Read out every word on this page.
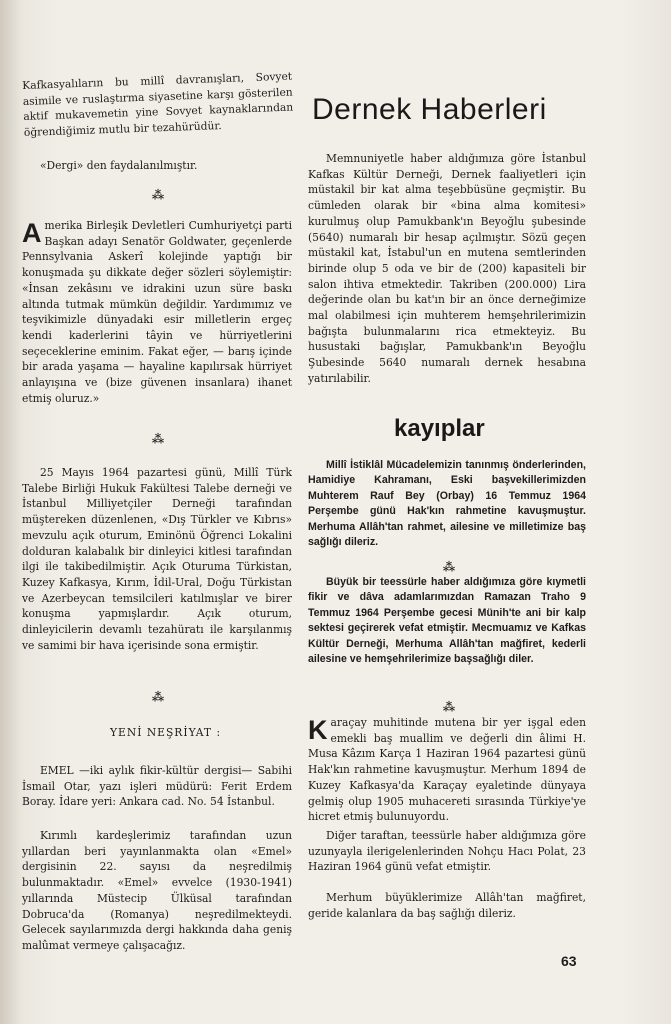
Kafkasyalıların bu millî davranışları, Sovyet asimile ve ruslaştırma siyasetine karşı gösterilen aktif mukavemetin yine Sovyet kaynaklarından öğrendiğimiz mutlu bir tezahürüdür.
«Dergi» den faydalanılmıştır.
⁂
Amerika Birleşik Devletleri Cumhuriyetçi parti Başkan adayı Senatör Goldwater, geçenlerde Pennsylvania Askerî kolejinde yaptığı bir konuşmada şu dikkate değer sözleri söylemiştir: «İnsan zekâsını ve idrakini uzun süre baskı altında tutmak mümkün değildir. Yardımımız ve teşvikimizle dünyadaki esir milletlerin ergeç kendi kaderlerini tâyin ve hürriyetlerini seçeceklerine eminim. Fakat eğer, — barış içinde bir arada yaşama — hayaline kapılırsak hürriyet anlayışına ve (bize güvenen insanlara) ihanet etmiş oluruz.»
⁂
25 Mayıs 1964 pazartesi günü, Millî Türk Talebe Birliği Hukuk Fakültesi Talebe derneği ve İstanbul Milliyetçiler Derneği tarafından müştereken düzenlenen, «Dış Türkler ve Kıbrıs» mevzulu açık oturum, Eminönü Öğrenci Lokalini dolduran kalabalık bir dinleyici kitlesi tarafından ilgi ile takibedilmiştir. Açık Oturuma Türkistan, Kuzey Kafkasya, Kırım, İdil-Ural, Doğu Türkistan ve Azerbeycan temsilcileri katılmışlar ve birer konuşma yapmışlardır. Açık oturum, dinleyicilerin devamlı tezahüratı ile karşılanmış ve samimi bir hava içerisinde sona ermiştir.
⁂
YENİ NEŞRİYAT :
EMEL —iki aylık fikir-kültür dergisi— Sabihi İsmail Otar, yazı işleri müdürü: Ferit Erdem Boray. İdare yeri: Ankara cad. No. 54 İstanbul.
Kırımlı kardeşlerimiz tarafından uzun yıllardan beri yayınlanmakta olan «Emel» dergisinin 22. sayısı da neşredilmiş bulunmaktadır. «Emel» evvelce (1930-1941) yıllarında Müstecip Ülküsal tarafından Dobruca'da (Romanya) neşredilmekteydi. Gelecek sayılarımızda dergi hakkında daha geniş malûmat vermeye çalışacağız.
Dernek Haberleri
Memnuniyetle haber aldığımıza göre İstanbul Kafkas Kültür Derneği, Dernek faaliyetleri için müstakil bir kat alma teşebbüsüne geçmiştir. Bu cümleden olarak bir «bina alma komitesi» kurulmuş olup Pamukbank'ın Beyoğlu şubesinde (5640) numaralı bir hesap açılmıştır. Sözü geçen müstakil kat, İstabul'un en mutena semtlerinden birinde olup 5 oda ve bir de (200) kapasiteli bir salon ihtiva etmektedir. Takriben (200.000) Lira değerinde olan bu kat'ın bir an önce derneğimize mal olabilmesi için muhterem hemşehrilerimizin bağışta bulunmalarını rica etmekteyiz. Bu husustaki bağışlar, Pamukbank'ın Beyoğlu Şubesinde 5640 numaralı dernek hesabına yatırılabilir.
Millî İstiklâl Mücadelemizin tanınmış önderlerinden, Hamidiye Kahramanı, Eski başvekillerimizden Muhterem Rauf Bey (Orbay) 16 Temmuz 1964 Perşembe günü Hak'kın rahmetine kavuşmuştur. Merhuma Allâh'tan rahmet, ailesine ve milletimize baş sağlığı dileriz.
⁂
Büyük bir teessürle haber aldığımıza göre kıymetli fikir ve dâva adamlarımızdan Ramazan Traho 9 Temmuz 1964 Perşembe gecesi Münih'te ani bir kalp sektesi geçirerek vefat etmiştir. Mecmuamız ve Kafkas Kültür Derneği, Merhuma Allâh'tan mağfiret, kederli ailesine ve hemşehrilerimize başsağlığı diler.
⁂
Karaçay muhitinde mutena bir yer işgal eden emekli baş muallim ve değerli din âlimi H. Musa Kâzım Karça 1 Haziran 1964 pazartesi günü Hak'kın rahmetine kavuşmuştur. Merhum 1894 de Kuzey Kafkasya'da Karaçay eyaletinde dünyaya gelmiş olup 1905 muhacereti sırasında Türkiye'ye hicret etmiş bulunuyordu.
Diğer taraftan, teessürle haber aldığımıza göre uzunyayla ilerigelenlerinden Nohçu Hacı Polat, 23 Haziran 1964 günü vefat etmiştir.
Merhum büyüklerimize Allâh'tan mağfiret, geride kalanlara da baş sağlığı dileriz.
kayıplar
63
